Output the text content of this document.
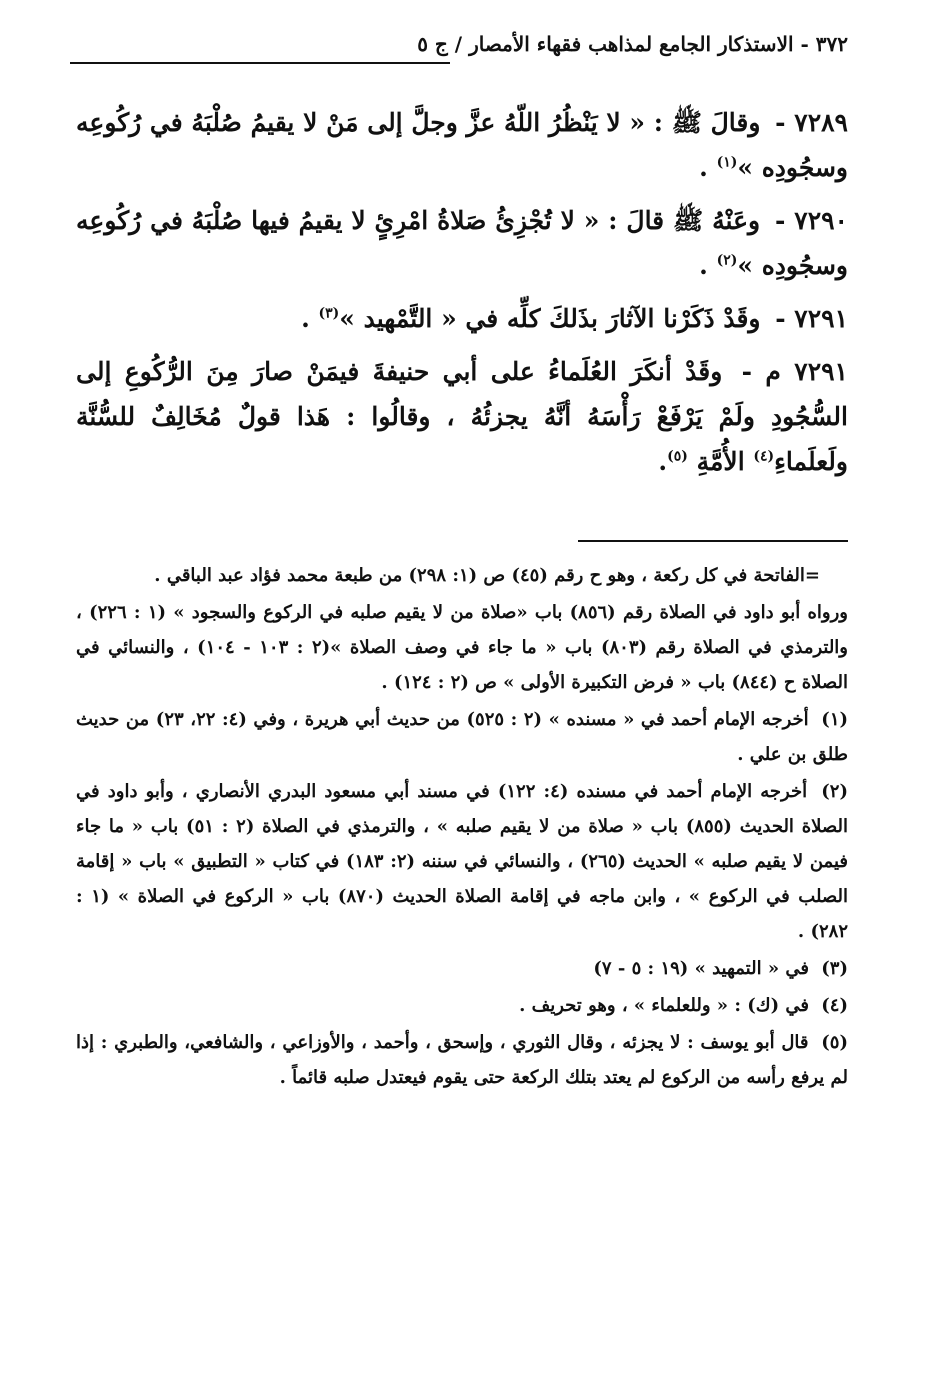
٣٧٢ - الاستذكار الجامع لمذاهب فقهاء الأمصار / ج ٥

٧٢٨٩ - وقالَ ﷺ : « لا يَنْظُرُ اللّهُ عزَّ وجلَّ إلى مَنْ لا يقيمُ صُلْبَهُ في رُكُوعِه وسجُودِه »$^{(١)}$ .

٧٢٩٠ - وعَنْهُ ﷺ قالَ : « لا تُجْزِئُ صَلاةُ امْرِئٍ لا يقيمُ فيها صُلْبَهُ في رُكُوعِه وسجُودِه »$^{(٢)}$ .

٧٢٩١ - وقَدْ ذَكَرْنا الآثارَ بذَلكَ كلِّه في « التَّمْهيد »$^{(٣)}$ .

٧٢٩١ م - وقَدْ أنكَرَ العُلَماءُ على أبي حنيفةَ فيمَنْ صارَ مِنَ الرُّكُوعِ إلى السُّجُودِ ولَمْ يَرْفَعْ رَأْسَهُ أنَّهُ يجزئُهُ ، وقالُوا : هَذا قولٌ مُخَالِفٌ للسُّنَّة ولَعلَماءِ$^{(٤)}$ الأُمَّةِ $^{(٥)}$.

=الفاتحة في كل ركعة ، وهو ح رقم (٤٥) ص (١: ٢٩٨) من طبعة محمد فؤاد عبد الباقي .

ورواه أبو داود في الصلاة رقم (٨٥٦) باب «صلاة من لا يقيم صلبه في الركوع والسجود » (١ : ٢٢٦) ، والترمذي في الصلاة رقم (٨٠٣) باب « ما جاء في وصف الصلاة »(٢ : ١٠٣ - ١٠٤) ، والنسائي في الصلاة ح (٨٤٤) باب « فرض التكبيرة الأولى » ص (٢ : ١٢٤) .

(١) أخرجه الإمام أحمد في « مسنده » (٢ : ٥٢٥) من حديث أبي هريرة ، وفي (٤: ٢٢، ٢٣) من حديث طلق بن علي .

(٢) أخرجه الإمام أحمد في مسنده (٤: ١٢٢) في مسند أبي مسعود البدري الأنصاري ، وأبو داود في الصلاة الحديث (٨٥٥) باب « صلاة من لا يقيم صلبه » ، والترمذي في الصلاة (٢ : ٥١) باب « ما جاء فيمن لا يقيم صلبه » الحديث (٢٦٥) ، والنسائي في سننه (٢: ١٨٣) في كتاب « التطبيق » باب « إقامة الصلب في الركوع » ، وابن ماجه في إقامة الصلاة الحديث (٨٧٠) باب « الركوع في الصلاة » (١ : ٢٨٢) .

(٣) في « التمهيد » (١٩ : ٥ - ٧)

(٤) في (ك) : « وللعلماء » ، وهو تحريف .

(٥) قال أبو يوسف : لا يجزئه ، وقال الثوري ، وإسحق ، وأحمد ، والأوزاعي ، والشافعي، والطبري : إذا لم يرفع رأسه من الركوع لم يعتد بتلك الركعة حتى يقوم فيعتدل صلبه قائماً .
